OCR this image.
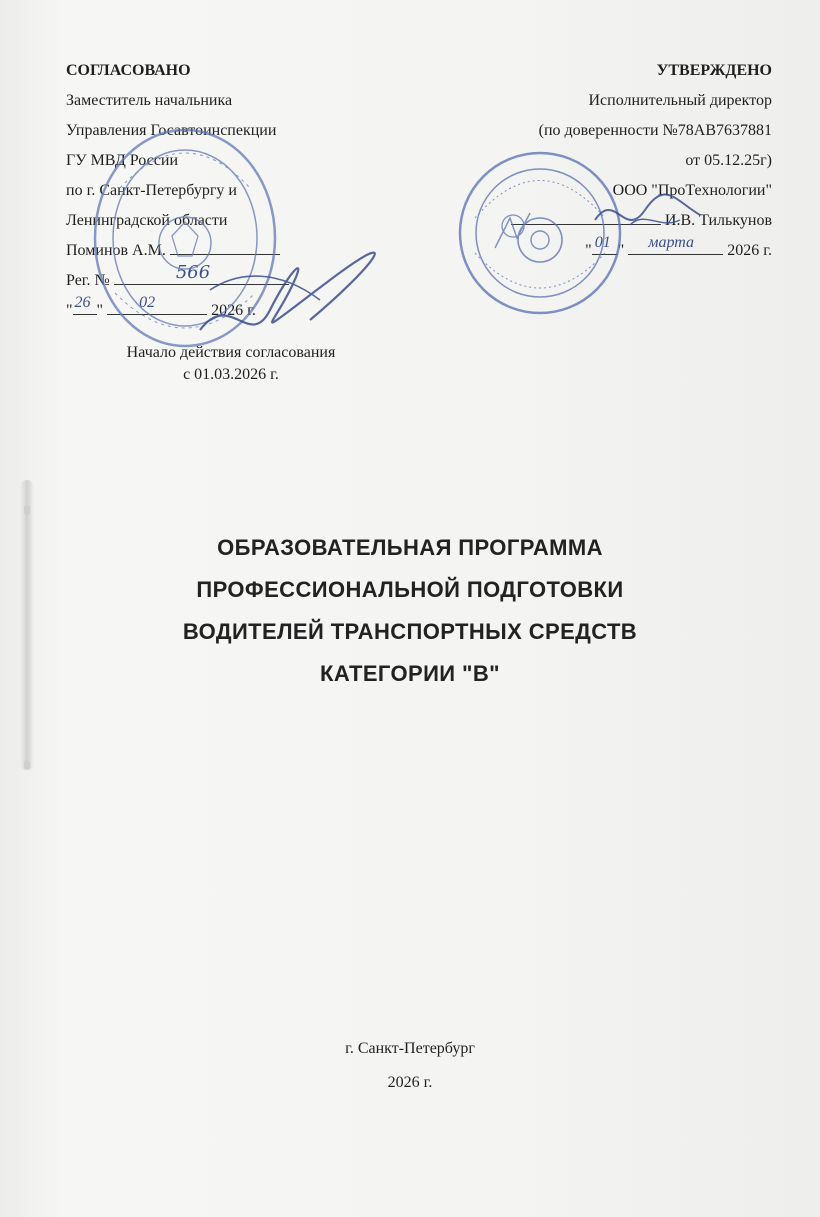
СОГЛАСОВАНО
Заместитель начальника
Управления Госавтоинспекции
ГУ МВД России
по г. Санкт-Петербургу и
Ленинградской области
Поминов А.М.
Рег. №	566
" 26 " 02	2026 г.
Начало действия согласования
с 01.03.2026 г.
УТВЕРЖДЕНО
Исполнительный директор
(по доверенности №78АВ7637881
от 05.12.25г)
ООО "ПроТехнологии"
И.В. Тилькунов
" 01 " марта 2026 г.
ОБРАЗОВАТЕЛЬНАЯ ПРОГРАММА
ПРОФЕССИОНАЛЬНОЙ ПОДГОТОВКИ
ВОДИТЕЛЕЙ ТРАНСПОРТНЫХ СРЕДСТВ
КАТЕГОРИИ "В"
г. Санкт-Петербург
2026 г.
